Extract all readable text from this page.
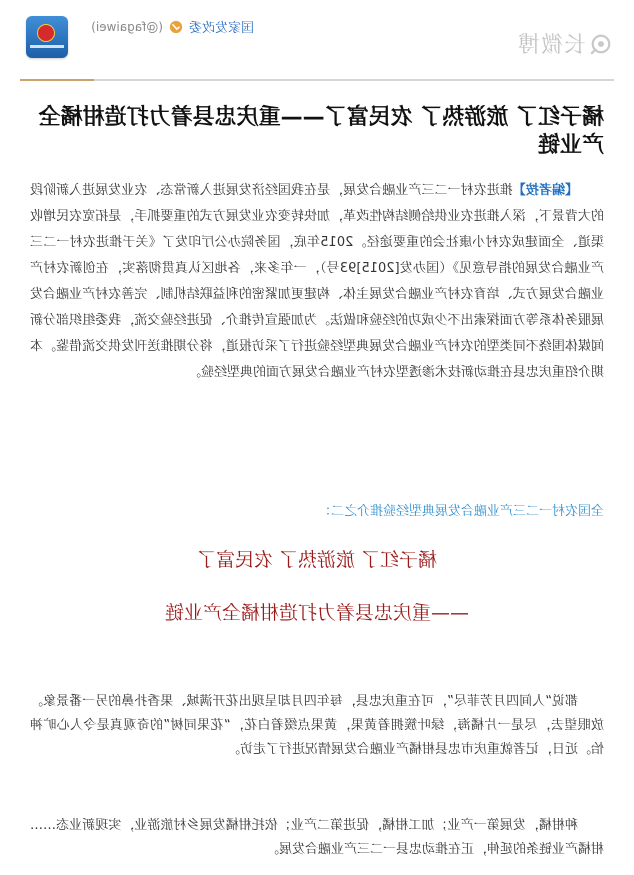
长微博
国家发改委
(@fagaiwei)
橘子红了 旅游热了 农民富了——重庆忠县着力打造柑橘全产业链

【编者按】推进农村一二三产业融合发展，是在我国经济发展进入新常态、农业发展进入新阶段的大背景下，深入推进农业供给侧结构性改革，加快转变农业发展方式的重要抓手，是拓宽农民增收渠道、全面建成农村小康社会的重要途径。2015年底，国务院办公厅印发了《关于推进农村一二三产业融合发展的指导意见》（国办发[2015]93号），一年多来，各地区认真贯彻落实，在创新农村产业融合发展方式、培育农村产业融合发展主体、构建更加紧密的利益联结机制、完善农村产业融合发展服务体系等方面探索出不少成功的经验和做法。为加强宣传推介、促进经验交流，我委组织部分新闻媒体围绕不同类型的农村产业融合发展典型经验进行了采访报道，将分期推送刊发供交流借鉴。本期介绍重庆忠县在推动新技术渗透型农村产业融合发展方面的典型经验。

全国农村一二三产业融合发展典型经验推介之二：

橘子红了 旅游热了 农民富了

——重庆忠县着力打造柑橘全产业链

都说“人间四月芳菲尽”，可在重庆忠县，每年四月却呈现出花开满城、果香扑鼻的另一番景象。放眼望去，尽是一片橘海，绿叶簇拥着黄果，黄果点缀着白花，“花果同树”的奇观真是令人心旷神怡。近日，记者就重庆市忠县柑橘产业融合发展情况进行了走访。

种柑橘，发展第一产业；加工柑橘，促进第二产业；依托柑橘发展乡村旅游业，实现新业态……柑橘产业链条的延伸，正在推动忠县一二三产业融合发展。
